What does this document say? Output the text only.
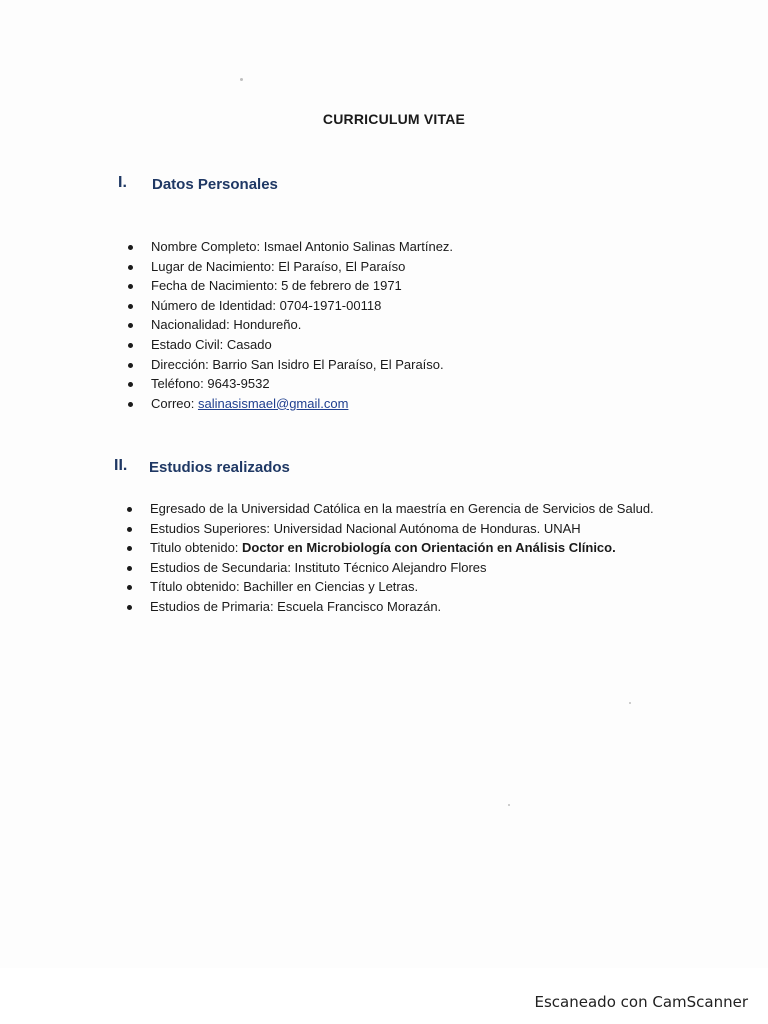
CURRICULUM VITAE
I. Datos Personales
Nombre Completo: Ismael Antonio Salinas Martínez.
Lugar de Nacimiento: El Paraíso, El Paraíso
Fecha de Nacimiento: 5 de febrero de 1971
Número de Identidad: 0704-1971-00118
Nacionalidad: Hondureño.
Estado Civil: Casado
Dirección: Barrio San Isidro El Paraíso, El Paraíso.
Teléfono: 9643-9532
Correo: salinasismael@gmail.com
II. Estudios realizados
Egresado de la Universidad Católica en la maestría en Gerencia de Servicios de Salud.
Estudios Superiores: Universidad Nacional Autónoma de Honduras. UNAH
Titulo obtenido: Doctor en Microbiología con Orientación en Análisis Clínico.
Estudios de Secundaria: Instituto Técnico Alejandro Flores
Título obtenido: Bachiller en Ciencias y Letras.
Estudios de Primaria: Escuela Francisco Morazán.
Escaneado con CamScanner
